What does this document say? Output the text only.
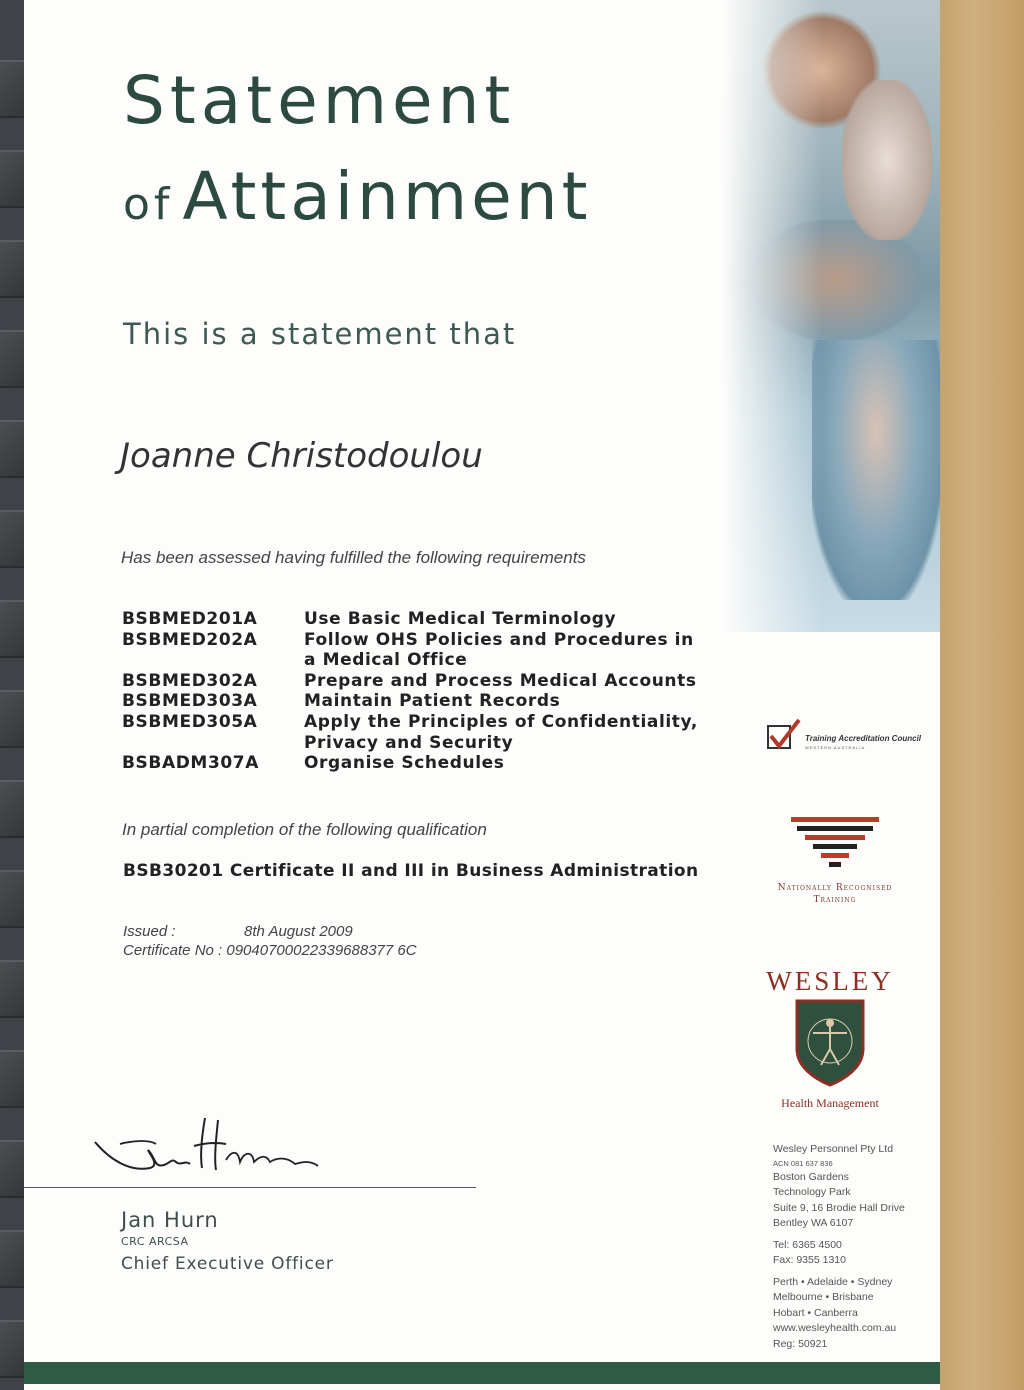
Statement
of Attainment
This is a statement that
Joanne Christodoulou
Has been assessed having fulfilled the following requirements
BSBMED201A	Use Basic Medical Terminology
BSBMED202A	Follow OHS Policies and Procedures in a Medical Office
BSBMED302A	Prepare and Process Medical Accounts
BSBMED303A	Maintain Patient Records
BSBMED305A	Apply the Principles of Confidentiality, Privacy and Security
BSBADM307A	Organise Schedules
In partial completion of the following qualification
BSB30201 Certificate II and III in Business Administration
Issued :	8th August 2009
Certificate No :
09040700022339688377 6C
Jan Hurn
CRC ARCSA
Chief Executive Officer
Training Accreditation Council
WESTERN AUSTRALIA
Nationally Recognised
Training
WESLEY
Health Management
Wesley Personnel Pty Ltd
ACN 081 637 836
Boston Gardens
Technology Park
Suite 9, 16 Brodie Hall Drive
Bentley WA 6107
Tel: 6365 4500
Fax: 9355 1310
Perth • Adelaide • Sydney
Melbourne • Brisbane
Hobart • Canberra
www.wesleyhealth.com.au
Reg: 50921
